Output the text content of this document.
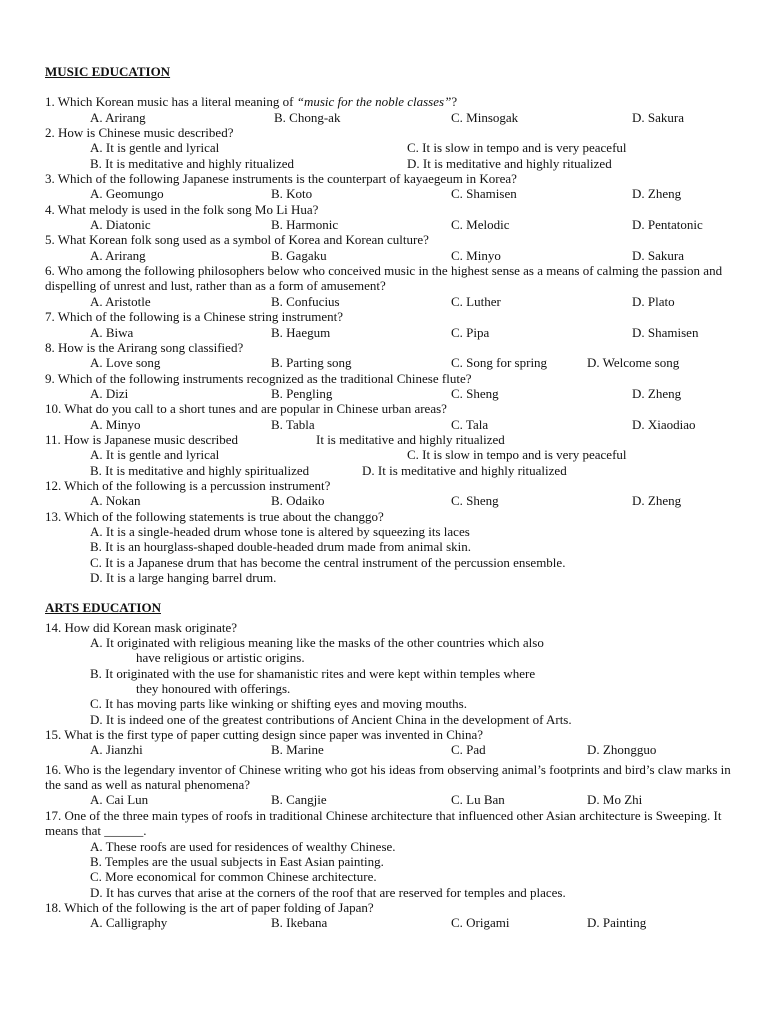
MUSIC EDUCATION

1. Which Korean music has a literal meaning of “music for the noble classes”?
A. Arirang	B. Chong-ak	C. Minsogak	D. Sakura
2. How is Chinese music described?
A. It is gentle and lyrical	C. It is slow in tempo and is very peaceful
B. It is meditative and highly ritualized	D. It is meditative and highly ritualized
3. Which of the following Japanese instruments is the counterpart of kayaegeum in Korea?
A. Geomungo	B. Koto	C. Shamisen	D. Zheng
4. What melody is used in the folk song Mo Li Hua?
A. Diatonic	B. Harmonic	C. Melodic	D. Pentatonic
5. What Korean folk song used as a symbol of Korea and Korean culture?
A. Arirang	B. Gagaku	C. Minyo	D. Sakura
6. Who among the following philosophers below who conceived music in the highest sense as a means of calming the passion and dispelling of unrest and lust, rather than as a form of amusement?
A. Aristotle	B. Confucius	C. Luther	D. Plato
7. Which of the following is a Chinese string instrument?
A. Biwa	B. Haegum	C. Pipa	D. Shamisen
8. How is the Arirang song classified?
A. Love song	B. Parting song	C. Song for spring	D. Welcome song
9. Which of the following instruments recognized as the traditional Chinese flute?
A. Dizi	B. Pengling	C. Sheng	D. Zheng
10. What do you call to a short tunes and are popular in Chinese urban areas?
A. Minyo	B. Tabla	C. Tala	D. Xiaodiao
11. How is Japanese music described	It is meditative and highly ritualized
A. It is gentle and lyrical	C. It is slow in tempo and is very peaceful
B. It is meditative and highly spiritualized	D. It is meditative and highly ritualized
12. Which of the following is a percussion instrument?
A. Nokan	B. Odaiko	C. Sheng	D. Zheng
13. Which of the following statements is true about the changgo?
A. It is a single-headed drum whose tone is altered by squeezing its laces
B. It is an hourglass-shaped double-headed drum made from animal skin.
C. It is a Japanese drum that has become the central instrument of the percussion ensemble.
D. It is a large hanging barrel drum.

ARTS EDUCATION

14. How did Korean mask originate?
A. It originated with religious meaning like the masks of the other countries which also
have religious or artistic origins.
B. It originated with the use for shamanistic rites and were kept within temples where
they honoured with offerings.
C. It has moving parts like winking or shifting eyes and moving mouths.
D. It is indeed one of the greatest contributions of Ancient China in the development of Arts.
15. What is the first type of paper cutting design since paper was invented in China?
A. Jianzhi	B. Marine	C. Pad	D. Zhongguo
16. Who is the legendary inventor of Chinese writing who got his ideas from observing animal’s footprints and bird’s claw marks in the sand as well as natural phenomena?
A. Cai Lun	B. Cangjie	C. Lu Ban	D. Mo Zhi
17. One of the three main types of roofs in traditional Chinese architecture that influenced other Asian architecture is Sweeping. It means that ______.
A. These roofs are used for residences of wealthy Chinese.
B. Temples are the usual subjects in East Asian painting.
C. More economical for common Chinese architecture.
D. It has curves that arise at the corners of the roof that are reserved for temples and places.
18. Which of the following is the art of paper folding of Japan?
A. Calligraphy	B. Ikebana	C. Origami	D. Painting
